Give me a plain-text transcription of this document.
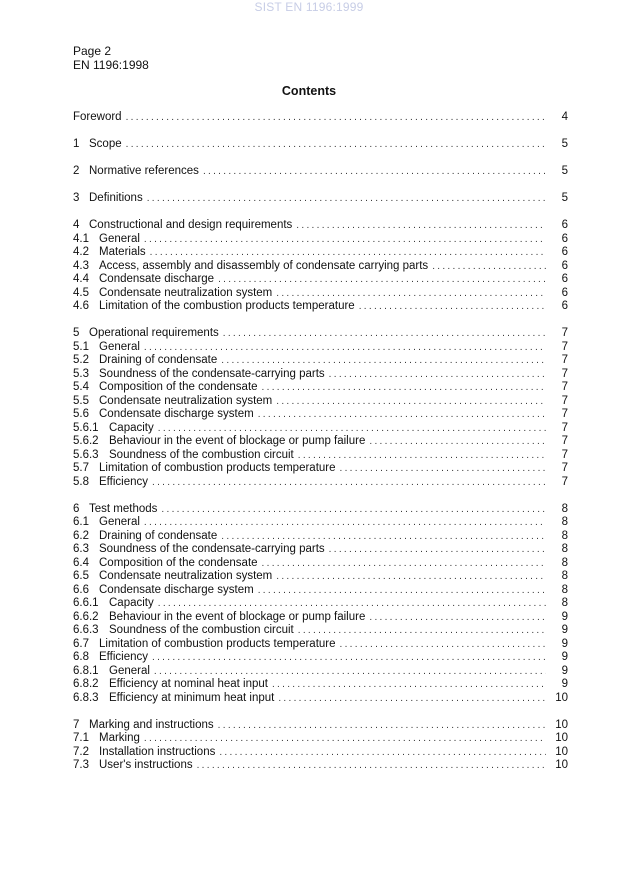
SIST EN 1196:1999
Page 2
EN 1196:1998
Contents
Foreword .....	4
1 Scope .....	5
2 Normative references .....	5
3 Definitions .....	5
4 Constructional and design requirements .....	6
4.1 General .....	6
4.2 Materials .....	6
4.3 Access, assembly and disassembly of condensate carrying parts .....	6
4.4 Condensate discharge .....	6
4.5 Condensate neutralization system .....	6
4.6 Limitation of the combustion products temperature .....	6
5 Operational requirements .....	7
5.1 General .....	7
5.2 Draining of condensate .....	7
5.3 Soundness of the condensate-carrying parts .....	7
5.4 Composition of the condensate .....	7
5.5 Condensate neutralization system .....	7
5.6 Condensate discharge system .....	7
5.6.1 Capacity .....	7
5.6.2 Behaviour in the event of blockage or pump failure .....	7
5.6.3 Soundness of the combustion circuit .....	7
5.7 Limitation of combustion products temperature .....	7
5.8 Efficiency .....	7
6 Test methods .....	8
6.1 General .....	8
6.2 Draining of condensate .....	8
6.3 Soundness of the condensate-carrying parts .....	8
6.4 Composition of the condensate .....	8
6.5 Condensate neutralization system .....	8
6.6 Condensate discharge system .....	8
6.6.1 Capacity .....	8
6.6.2 Behaviour in the event of blockage or pump failure .....	9
6.6.3 Soundness of the combustion circuit .....	9
6.7 Limitation of combustion products temperature .....	9
6.8 Efficiency .....	9
6.8.1 General .....	9
6.8.2 Efficiency at nominal heat input .....	9
6.8.3 Efficiency at minimum heat input .....	10
7 Marking and instructions .....	10
7.1 Marking .....	10
7.2 Installation instructions .....	10
7.3 User's instructions .....	10
